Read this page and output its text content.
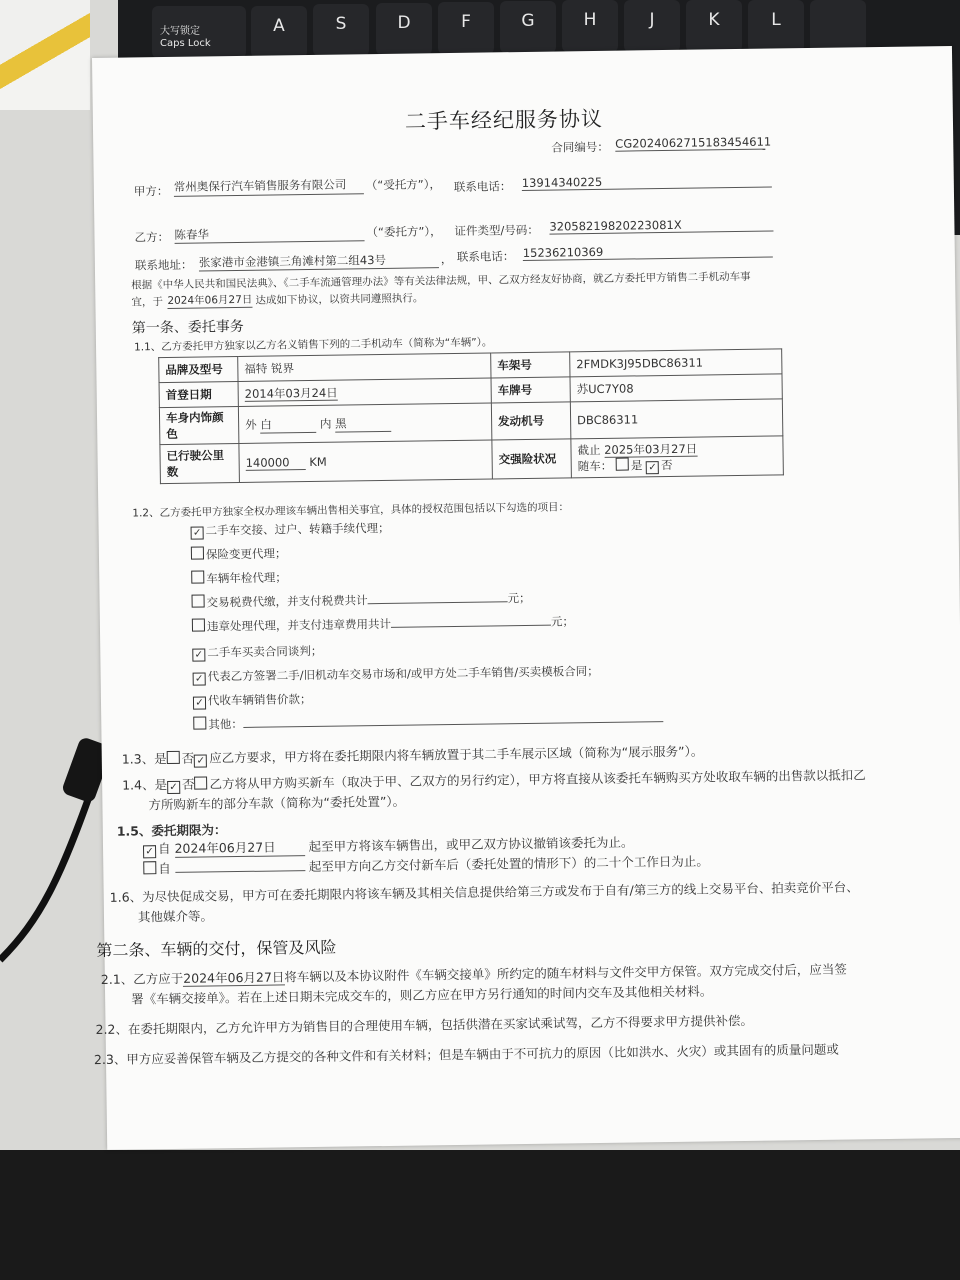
大写锁定
Caps Lock
A	S	D	F	G	H	J	K	L
二手车经纪服务协议
合同编号： CG2024062715183454611
甲方： 常州奥保行汽车销售服务有限公司	（“受托方”）， 联系电话： 13914340225
乙方： 陈春华	（“委托方”）， 证件类型/号码： 32058219820223081X
联系地址： 张家港市金港镇三角滩村第二组43号	， 联系电话： 15236210369
根据《中华人民共和国民法典》、《二手车流通管理办法》等有关法律法规，甲、乙双方经友好协商，就乙方委托甲方销售二手机动车事
宜，于 2024年06月27日 达成如下协议，以资共同遵照执行。
第一条、委托事务
1.1、乙方委托甲方独家以乙方名义销售下列的二手机动车（简称为“车辆”）。
品牌及型号	福特 锐界	车架号	2FMDK3J95DBC86311
首登日期	2014年03月24日	车牌号	苏UC7Y08
车身内饰颜色	外 白 内 黑	发动机号	DBC86311
已行驶公里数	140000 KM	交强险状况	截止 2025年03月27日
随车： 是 ✓ 否
1.2、乙方委托甲方独家全权办理该车辆出售相关事宜，具体的授权范围包括以下勾选的项目：
✓ 二手车交接、过户、转籍手续代理；
保险变更代理；
车辆年检代理；
交易税费代缴，并支付税费共计	元；
违章处理代理，并支付违章费用共计	元；
✓ 二手车买卖合同谈判；
✓ 代表乙方签署二手/旧机动车交易市场和/或甲方处二手车销售/买卖模板合同；
✓ 代收车辆销售价款；
其他：
1.3、是 否 ✓ 应乙方要求，甲方将在委托期限内将车辆放置于其二手车展示区域（简称为“展示服务”）。
1.4、是 ✓ 否 乙方将从甲方购买新车（取决于甲、乙双方的另行约定），甲方将直接从该委托车辆购买方处收取车辆的出售款以抵扣乙
方所购新车的部分车款（简称为“委托处置”）。
1.5、委托期限为：
✓ 自 2024年06月27日	起至甲方将该车辆售出，或甲乙双方协议撤销该委托为止。
自	起至甲方向乙方交付新车后（委托处置的情形下）的二十个工作日为止。
1.6、为尽快促成交易，甲方可在委托期限内将该车辆及其相关信息提供给第三方或发布于自有/第三方的线上交易平台、拍卖竞价平台、
其他媒介等。
第二条、车辆的交付，保管及风险
2.1、乙方应于2024年06月27日将车辆以及本协议附件《车辆交接单》所约定的随车材料与文件交甲方保管。双方完成交付后，应当签
署《车辆交接单》。若在上述日期未完成交车的，则乙方应在甲方另行通知的时间内交车及其他相关材料。
2.2、在委托期限内，乙方允许甲方为销售目的合理使用车辆，包括供潜在买家试乘试驾，乙方不得要求甲方提供补偿。
2.3、甲方应妥善保管车辆及乙方提交的各种文件和有关材料；但是车辆由于不可抗力的原因（比如洪水、火灾）或其固有的质量问题或
